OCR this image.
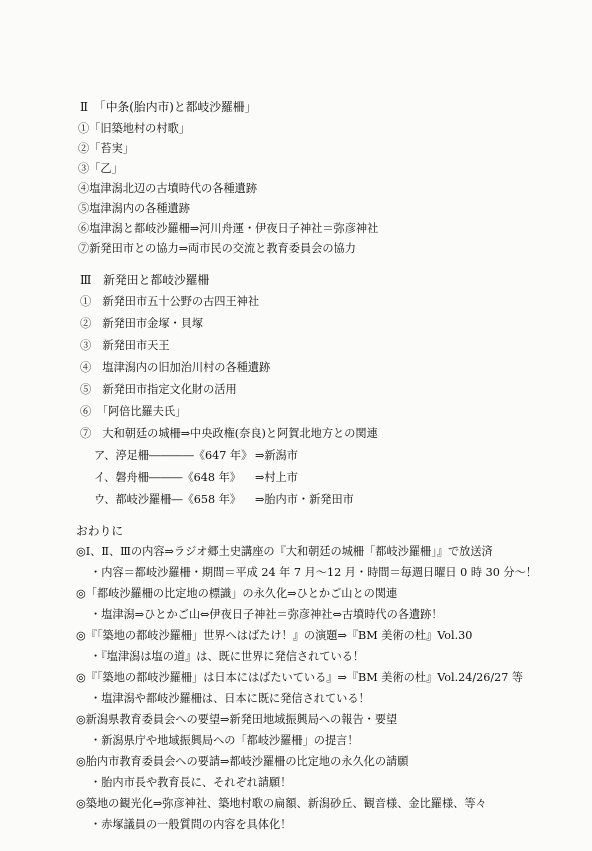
Ⅱ　「中条(胎内市)と都岐沙羅柵」
①「旧築地村の村歌」
②「苔実」
③「乙」
④塩津潟北辺の古墳時代の各種遺跡
⑤塩津潟内の各種遺跡
⑥塩津潟と都岐沙羅柵⇒河川舟運・伊夜日子神社＝弥彦神社
⑦新発田市との協力⇒両市民の交流と教育委員会の協力
Ⅲ　新発田と都岐沙羅柵
①　新発田市五十公野の古四王神社
②　新発田市金塚・貝塚
③　新発田市天王
④　塩津潟内の旧加治川村の各種遺跡
⑤　新発田市指定文化財の活用
⑥　「阿倍比羅夫氏」
⑦　大和朝廷の城柵⇒中央政権(奈良)と阿賀北地方との関連
ア、渟足柵――――《647 年》 ⇒新潟市
イ、磐舟柵―――《648 年》 ⇒村上市
ウ、都岐沙羅柵―《658 年》 ⇒胎内市・新発田市
おわりに
◎Ⅰ、Ⅱ、Ⅲの内容⇒ラジオ郷土史講座の『大和朝廷の城柵「都岐沙羅柵」』で放送済
・内容＝都岐沙羅柵・期間＝平成 24 年 7 月～12 月・時間＝毎週日曜日 0 時 30 分～！
◎「都岐沙羅柵の比定地の標識」の永久化⇒ひとかご山との関連
・塩津潟⇒ひとかご山⇔伊夜日子神社＝弥彦神社⇔古墳時代の各遺跡！
◎『「築地の都岐沙羅柵」世界へはばたけ！』の演題⇒『BM 美術の杜』Vol.30
・『塩津潟は塩の道』は、既に世界に発信されている！
◎『「築地の都岐沙羅柵」は日本にはばたいている』⇒『BM 美術の杜』Vol.24/26/27 等
・塩津潟や都岐沙羅柵は、日本に既に発信されている！
◎新潟県教育委員会への要望⇒新発田地域振興局への報告・要望
・新潟県庁や地域振興局への「都岐沙羅柵」の提言！
◎胎内市教育委員会への要請⇒都岐沙羅柵の比定地の永久化の請願
・胎内市長や教育長に、それぞれ請願！
◎築地の観光化⇒弥彦神社、築地村歌の扁額、新潟砂丘、観音様、金比羅様、等々
・赤塚議員の一般質問の内容を具体化！
